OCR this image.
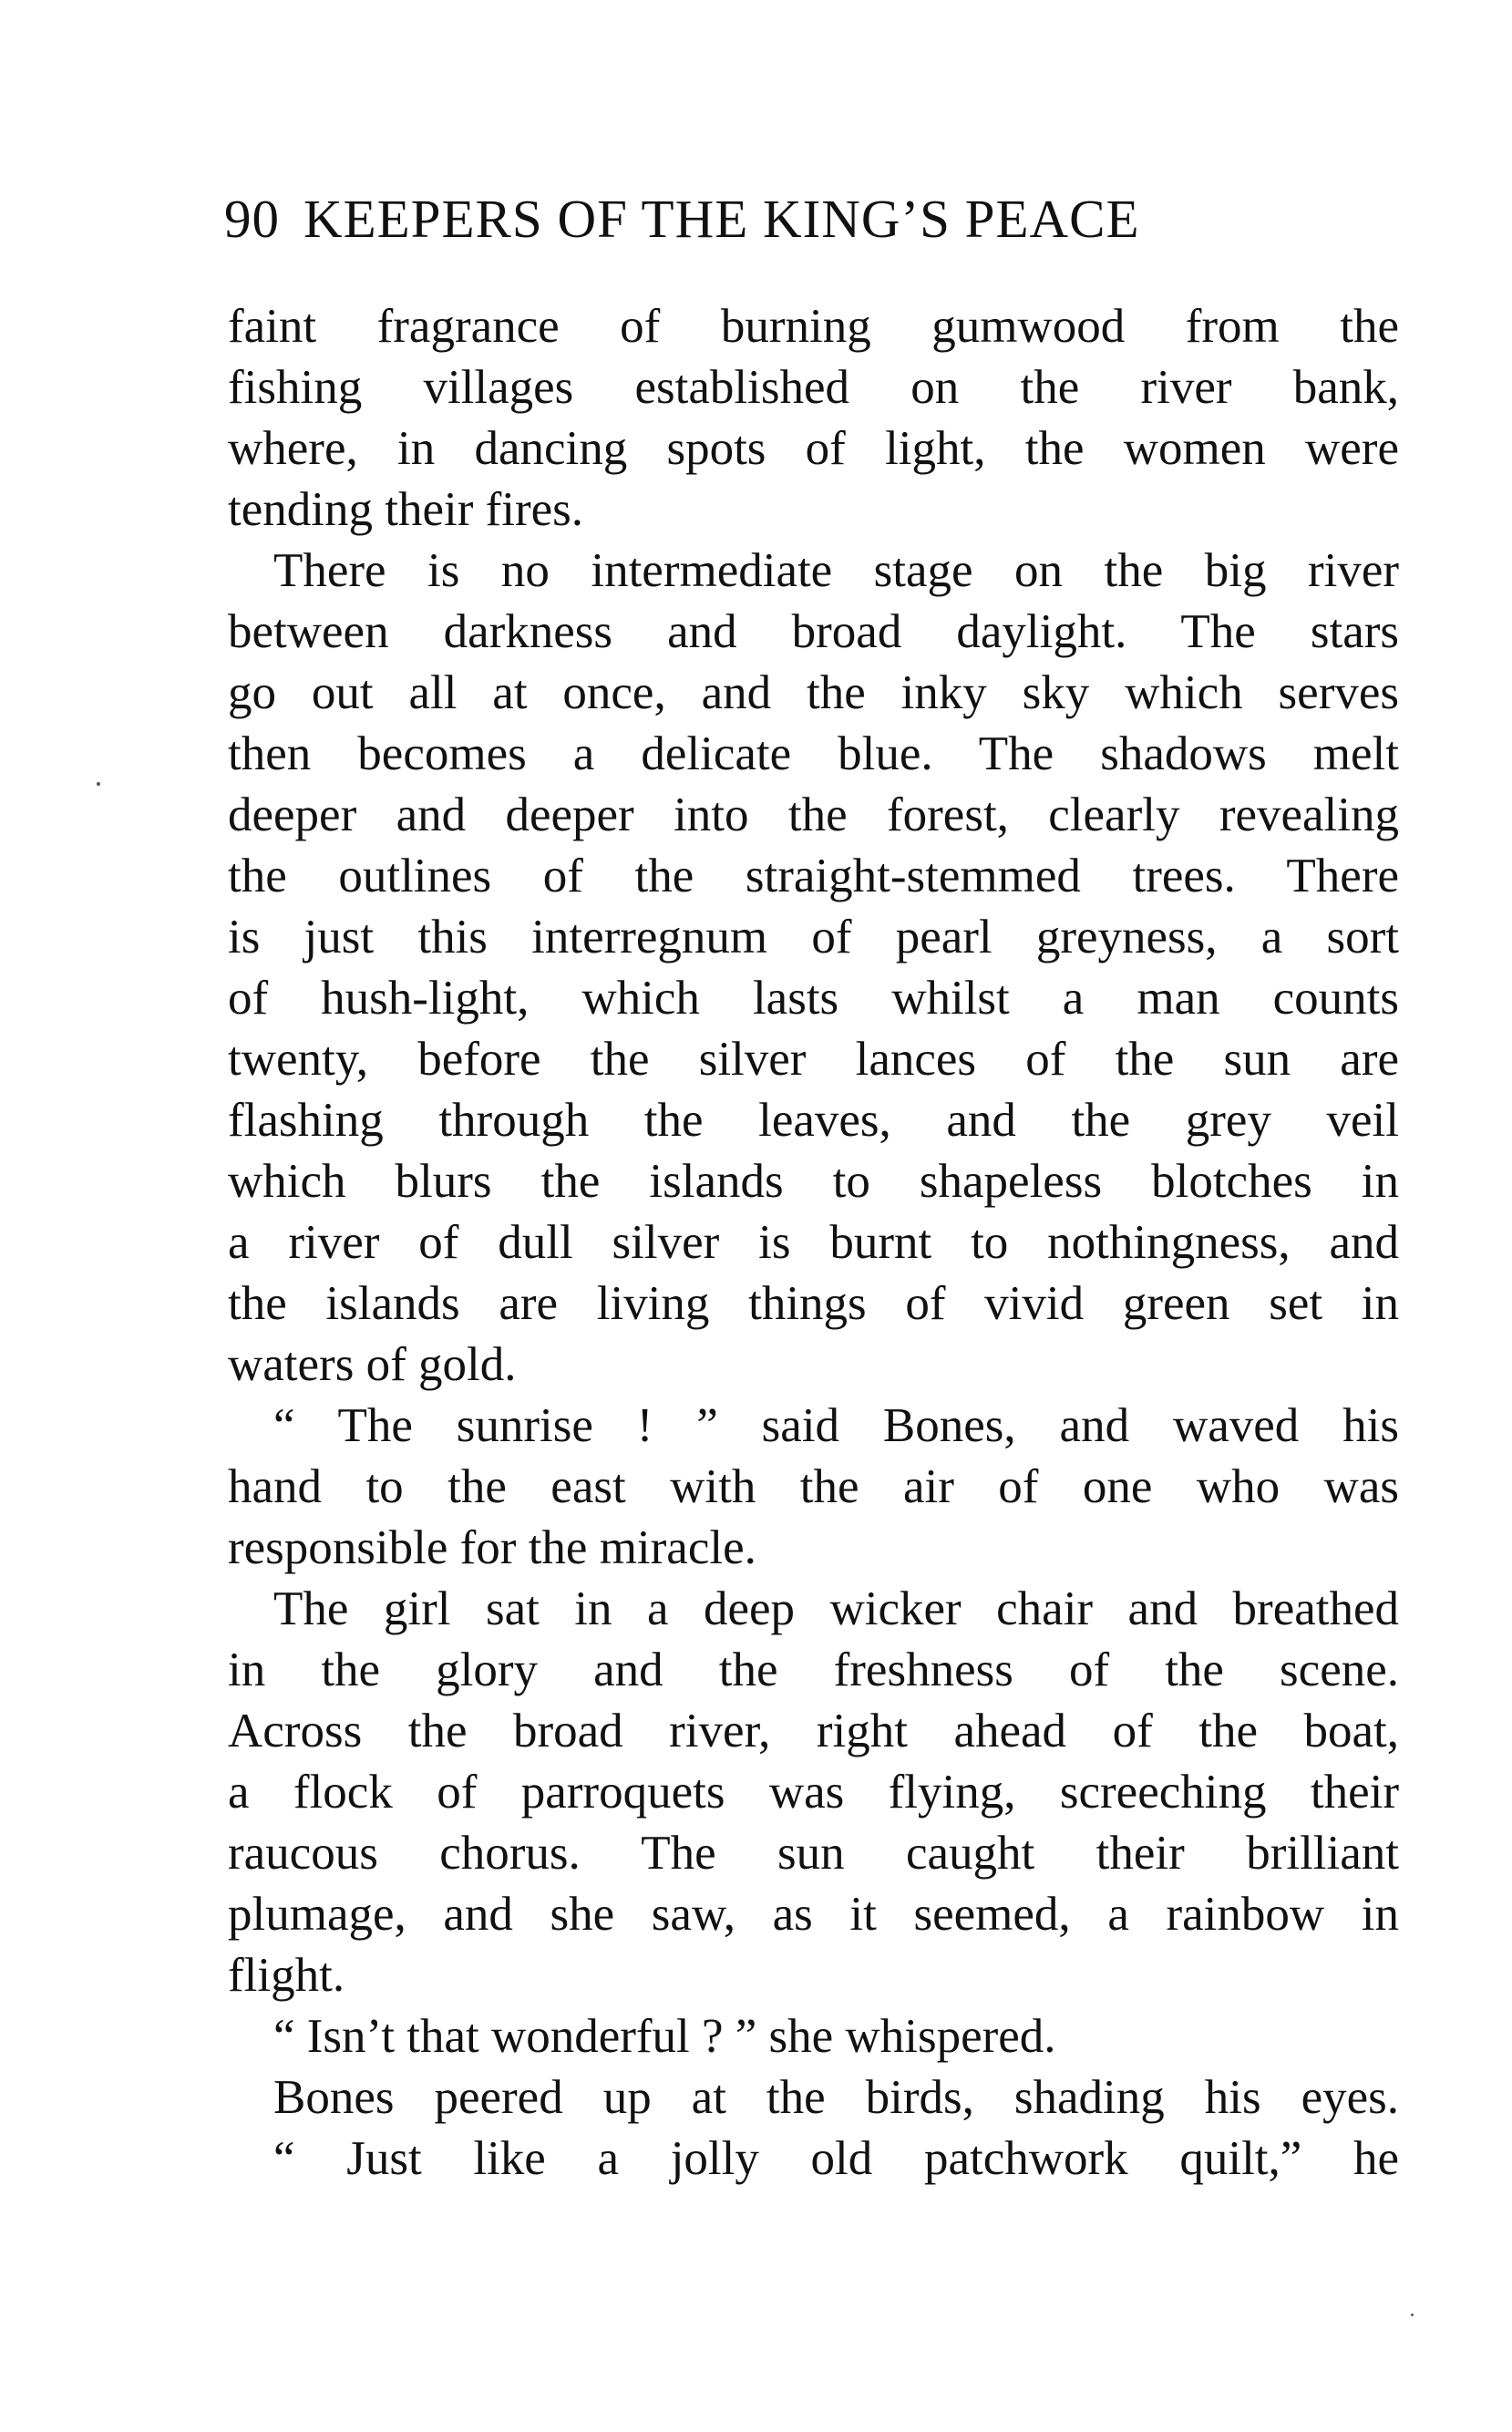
90 KEEPERS OF THE KING’S PEACE
faint fragrance of burning gumwood from the
fishing villages established on the river bank,
where, in dancing spots of light, the women were
tending their fires.
There is no intermediate stage on the big river
between darkness and broad daylight. The stars
go out all at once, and the inky sky which serves
then becomes a delicate blue. The shadows melt
deeper and deeper into the forest, clearly revealing
the outlines of the straight-stemmed trees. There
is just this interregnum of pearl greyness, a sort
of hush-light, which lasts whilst a man counts
twenty, before the silver lances of the sun are
flashing through the leaves, and the grey veil
which blurs the islands to shapeless blotches in
a river of dull silver is burnt to nothingness, and
the islands are living things of vivid green set in
waters of gold.
“ The sunrise ! ” said Bones, and waved his
hand to the east with the air of one who was
responsible for the miracle.
The girl sat in a deep wicker chair and breathed
in the glory and the freshness of the scene.
Across the broad river, right ahead of the boat,
a flock of parroquets was flying, screeching their
raucous chorus. The sun caught their brilliant
plumage, and she saw, as it seemed, a rainbow in
flight.
“ Isn’t that wonderful ? ” she whispered.
Bones peered up at the birds, shading his eyes.
“ Just like a jolly old patchwork quilt,” he
